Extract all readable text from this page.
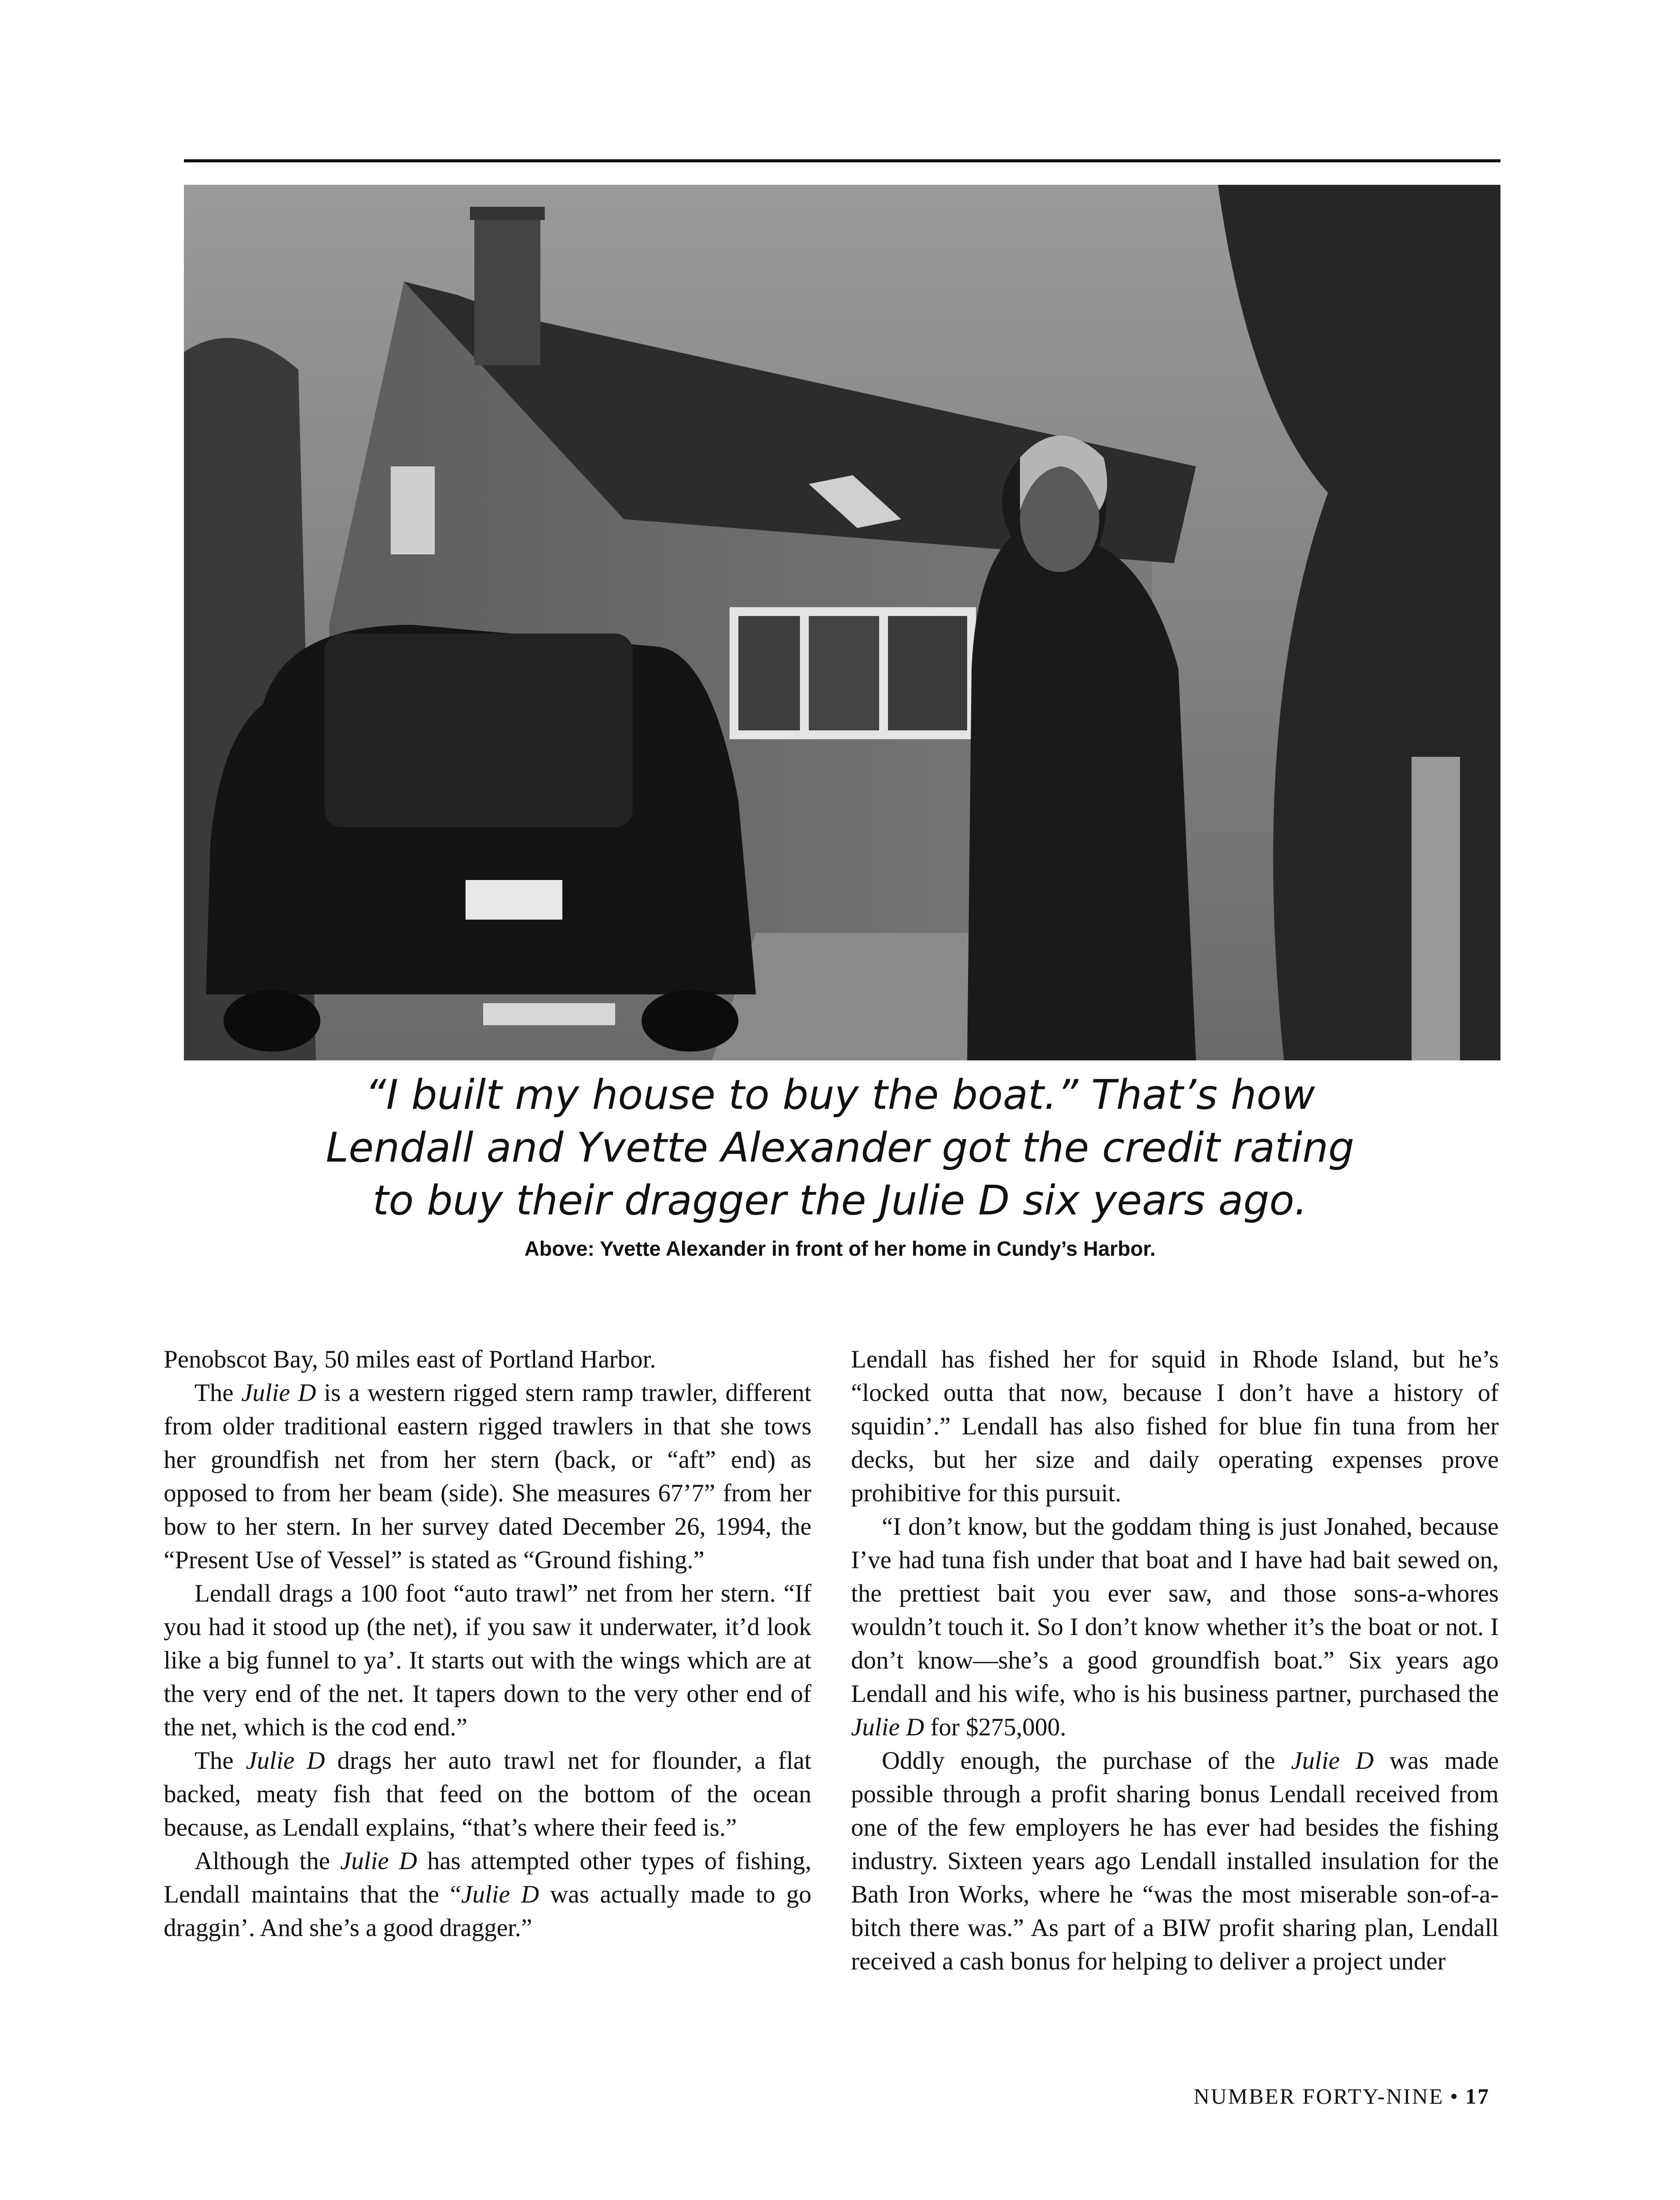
“I built my house to buy the boat.” That’s how
Lendall and Yvette Alexander got the credit rating
to buy their dragger the Julie D six years ago.
Above: Yvette Alexander in front of her home in Cundy’s Harbor.

Penobscot Bay, 50 miles east of Portland Harbor.

The Julie D is a western rigged stern ramp trawler, different from older traditional eastern rigged trawlers in that she tows her groundfish net from her stern (back, or “aft” end) as opposed to from her beam (side). She measures 67’7” from her bow to her stern. In her survey dated December 26, 1994, the “Present Use of Vessel” is stated as “Ground fishing.”

Lendall drags a 100 foot “auto trawl” net from her stern. “If you had it stood up (the net), if you saw it underwater, it’d look like a big funnel to ya’. It starts out with the wings which are at the very end of the net. It tapers down to the very other end of the net, which is the cod end.”

The Julie D drags her auto trawl net for flounder, a flat backed, meaty fish that feed on the bottom of the ocean because, as Lendall explains, “that’s where their feed is.”

Although the Julie D has attempted other types of fishing, Lendall maintains that the “Julie D was actually made to go draggin’. And she’s a good dragger.”

Lendall has fished her for squid in Rhode Island, but he’s “locked outta that now, because I don’t have a history of squidin’.” Lendall has also fished for blue fin tuna from her decks, but her size and daily operating expenses prove prohibitive for this pursuit.

“I don’t know, but the goddam thing is just Jonahed, because I’ve had tuna fish under that boat and I have had bait sewed on, the prettiest bait you ever saw, and those sons-a-whores wouldn’t touch it. So I don’t know whether it’s the boat or not. I don’t know—she’s a good groundfish boat.” Six years ago Lendall and his wife, who is his business partner, purchased the Julie D for $275,000.

Oddly enough, the purchase of the Julie D was made possible through a profit sharing bonus Lendall received from one of the few employers he has ever had besides the fishing industry. Sixteen years ago Lendall installed insulation for the Bath Iron Works, where he “was the most miserable son-of-a-bitch there was.” As part of a BIW profit sharing plan, Lendall received a cash bonus for helping to deliver a project under

NUMBER FORTY-NINE • 17
